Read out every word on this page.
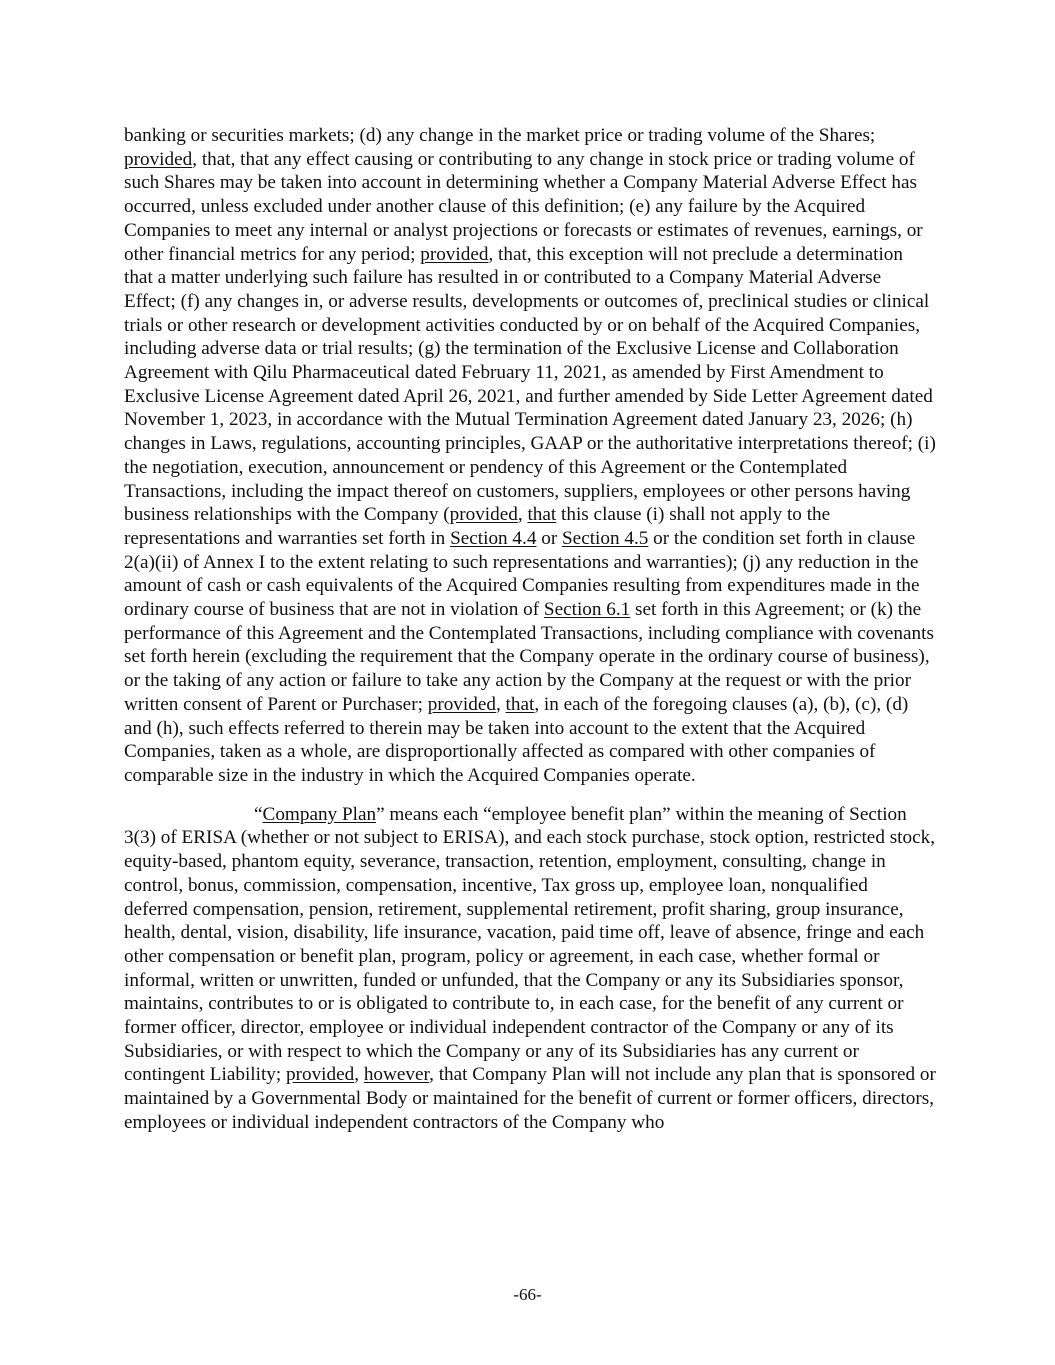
banking or securities markets; (d) any change in the market price or trading volume of the Shares; provided, that, that any effect causing or contributing to any change in stock price or trading volume of such Shares may be taken into account in determining whether a Company Material Adverse Effect has occurred, unless excluded under another clause of this definition; (e) any failure by the Acquired Companies to meet any internal or analyst projections or forecasts or estimates of revenues, earnings, or other financial metrics for any period; provided, that, this exception will not preclude a determination that a matter underlying such failure has resulted in or contributed to a Company Material Adverse Effect; (f) any changes in, or adverse results, developments or outcomes of, preclinical studies or clinical trials or other research or development activities conducted by or on behalf of the Acquired Companies, including adverse data or trial results; (g) the termination of the Exclusive License and Collaboration Agreement with Qilu Pharmaceutical dated February 11, 2021, as amended by First Amendment to Exclusive License Agreement dated April 26, 2021, and further amended by Side Letter Agreement dated November 1, 2023, in accordance with the Mutual Termination Agreement dated January 23, 2026; (h) changes in Laws, regulations, accounting principles, GAAP or the authoritative interpretations thereof; (i) the negotiation, execution, announcement or pendency of this Agreement or the Contemplated Transactions, including the impact thereof on customers, suppliers, employees or other persons having business relationships with the Company (provided, that this clause (i) shall not apply to the representations and warranties set forth in Section 4.4 or Section 4.5 or the condition set forth in clause 2(a)(ii) of Annex I to the extent relating to such representations and warranties); (j) any reduction in the amount of cash or cash equivalents of the Acquired Companies resulting from expenditures made in the ordinary course of business that are not in violation of Section 6.1 set forth in this Agreement; or (k) the performance of this Agreement and the Contemplated Transactions, including compliance with covenants set forth herein (excluding the requirement that the Company operate in the ordinary course of business), or the taking of any action or failure to take any action by the Company at the request or with the prior written consent of Parent or Purchaser; provided, that, in each of the foregoing clauses (a), (b), (c), (d) and (h), such effects referred to therein may be taken into account to the extent that the Acquired Companies, taken as a whole, are disproportionally affected as compared with other companies of comparable size in the industry in which the Acquired Companies operate.

“Company Plan” means each “employee benefit plan” within the meaning of Section 3(3) of ERISA (whether or not subject to ERISA), and each stock purchase, stock option, restricted stock, equity-based, phantom equity, severance, transaction, retention, employment, consulting, change in control, bonus, commission, compensation, incentive, Tax gross up, employee loan, nonqualified deferred compensation, pension, retirement, supplemental retirement, profit sharing, group insurance, health, dental, vision, disability, life insurance, vacation, paid time off, leave of absence, fringe and each other compensation or benefit plan, program, policy or agreement, in each case, whether formal or informal, written or unwritten, funded or unfunded, that the Company or any its Subsidiaries sponsor, maintains, contributes to or is obligated to contribute to, in each case, for the benefit of any current or former officer, director, employee or individual independent contractor of the Company or any of its Subsidiaries, or with respect to which the Company or any of its Subsidiaries has any current or contingent Liability; provided, however, that Company Plan will not include any plan that is sponsored or maintained by a Governmental Body or maintained for the benefit of current or former officers, directors, employees or individual independent contractors of the Company who

-66-
